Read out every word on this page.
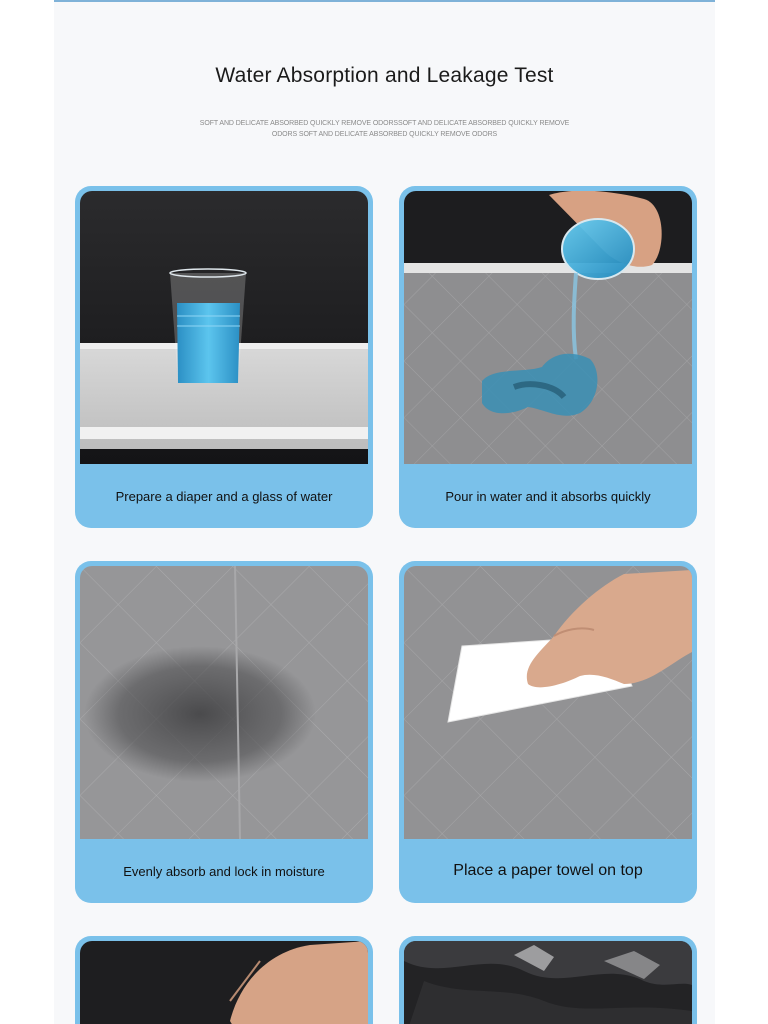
Water Absorption and Leakage Test
SOFT AND DELICATE ABSORBED QUICKLY REMOVE ODORSSOFT AND DELICATE ABSORBED QUICKLY REMOVE ODORS SOFT AND DELICATE ABSORBED QUICKLY REMOVE ODORS
Prepare a diaper and a glass of water	Pour in water and it absorbs quickly
Evenly absorb and lock in moisture	Place a paper towel on top
